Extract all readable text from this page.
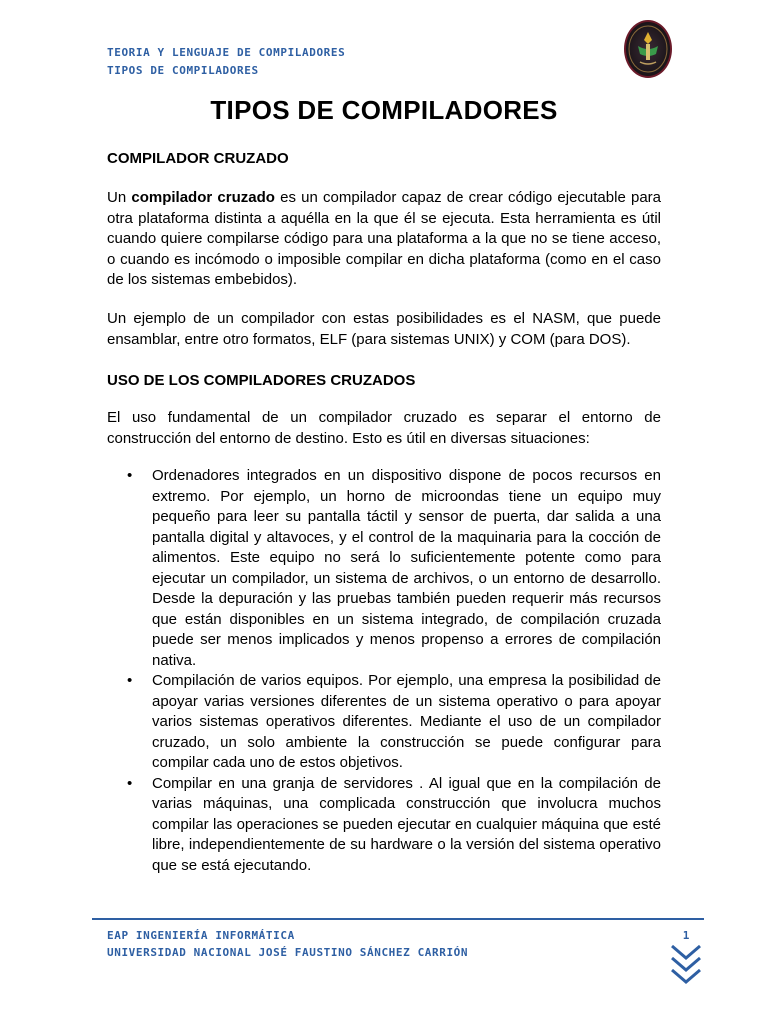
TEORIA Y LENGUAJE DE COMPILADORES
TIPOS DE COMPILADORES
TIPOS DE COMPILADORES
COMPILADOR CRUZADO

Un compilador cruzado es un compilador capaz de crear código ejecutable para otra plataforma distinta a aquélla en la que él se ejecuta. Esta herramienta es útil cuando quiere compilarse código para una plataforma a la que no se tiene acceso, o cuando es incómodo o imposible compilar en dicha plataforma (como en el caso de los sistemas embebidos).

Un ejemplo de un compilador con estas posibilidades es el NASM, que puede ensamblar, entre otro formatos, ELF (para sistemas UNIX) y COM (para DOS).

USO DE LOS COMPILADORES CRUZADOS

El uso fundamental de un compilador cruzado es separar el entorno de construcción del entorno de destino. Esto es útil en diversas situaciones:

• Ordenadores integrados en un dispositivo dispone de pocos recursos en extremo. Por ejemplo, un horno de microondas tiene un equipo muy pequeño para leer su pantalla táctil y sensor de puerta, dar salida a una pantalla digital y altavoces, y el control de la maquinaria para la cocción de alimentos. Este equipo no será lo suficientemente potente como para ejecutar un compilador, un sistema de archivos, o un entorno de desarrollo. Desde la depuración y las pruebas también pueden requerir más recursos que están disponibles en un sistema integrado, de compilación cruzada puede ser menos implicados y menos propenso a errores de compilación nativa.
• Compilación de varios equipos. Por ejemplo, una empresa la posibilidad de apoyar varias versiones diferentes de un sistema operativo o para apoyar varios sistemas operativos diferentes. Mediante el uso de un compilador cruzado, un solo ambiente la construcción se puede configurar para compilar cada uno de estos objetivos.
• Compilar en una granja de servidores . Al igual que en la compilación de varias máquinas, una complicada construcción que involucra muchos compilar las operaciones se pueden ejecutar en cualquier máquina que esté libre, independientemente de su hardware o la versión del sistema operativo que se está ejecutando.
EAP INGENIERÍA INFORMÁTICA
UNIVERSIDAD NACIONAL JOSÉ FAUSTINO SÁNCHEZ CARRIÓN
1
